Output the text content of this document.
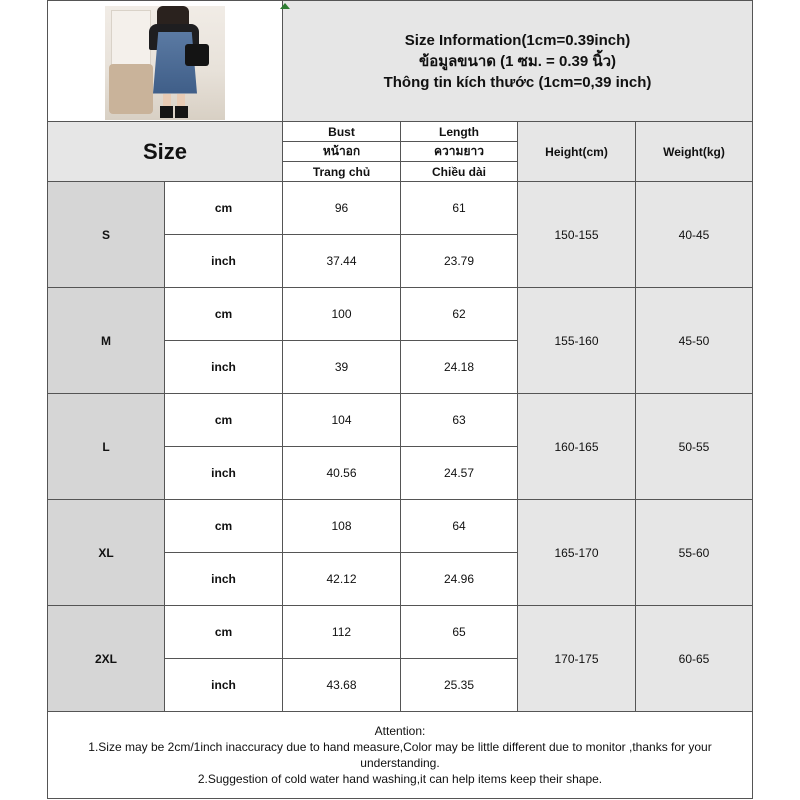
		Size Information(1cm=0.39inch)
ข้อมูลขนาด (1 ซม. = 0.39 นิ้ว)
Thông tin kích thước (1cm=0,39 inch)			

Size		Bust	Length	Height(cm)	Weight(kg)
		หน้าอก	ความยาว		
		Trang chủ	Chiều dài		
S	cm	96	61	150-155	40-45
	inch	37.44	23.79		
M	cm	100	62	155-160	45-50
	inch	39	24.18		
L	cm	104	63	160-165	50-55
	inch	40.56	24.57		
XL	cm	108	64	165-170	55-60
	inch	42.12	24.96		
2XL	cm	112	65	170-175	60-65
	inch	43.68	25.35		

Attention:
1.Size may be 2cm/1inch inaccuracy due to hand measure,Color may be little different due to monitor ,thanks for your understanding.
2.Suggestion of cold water hand washing,it can help items keep their shape.					
